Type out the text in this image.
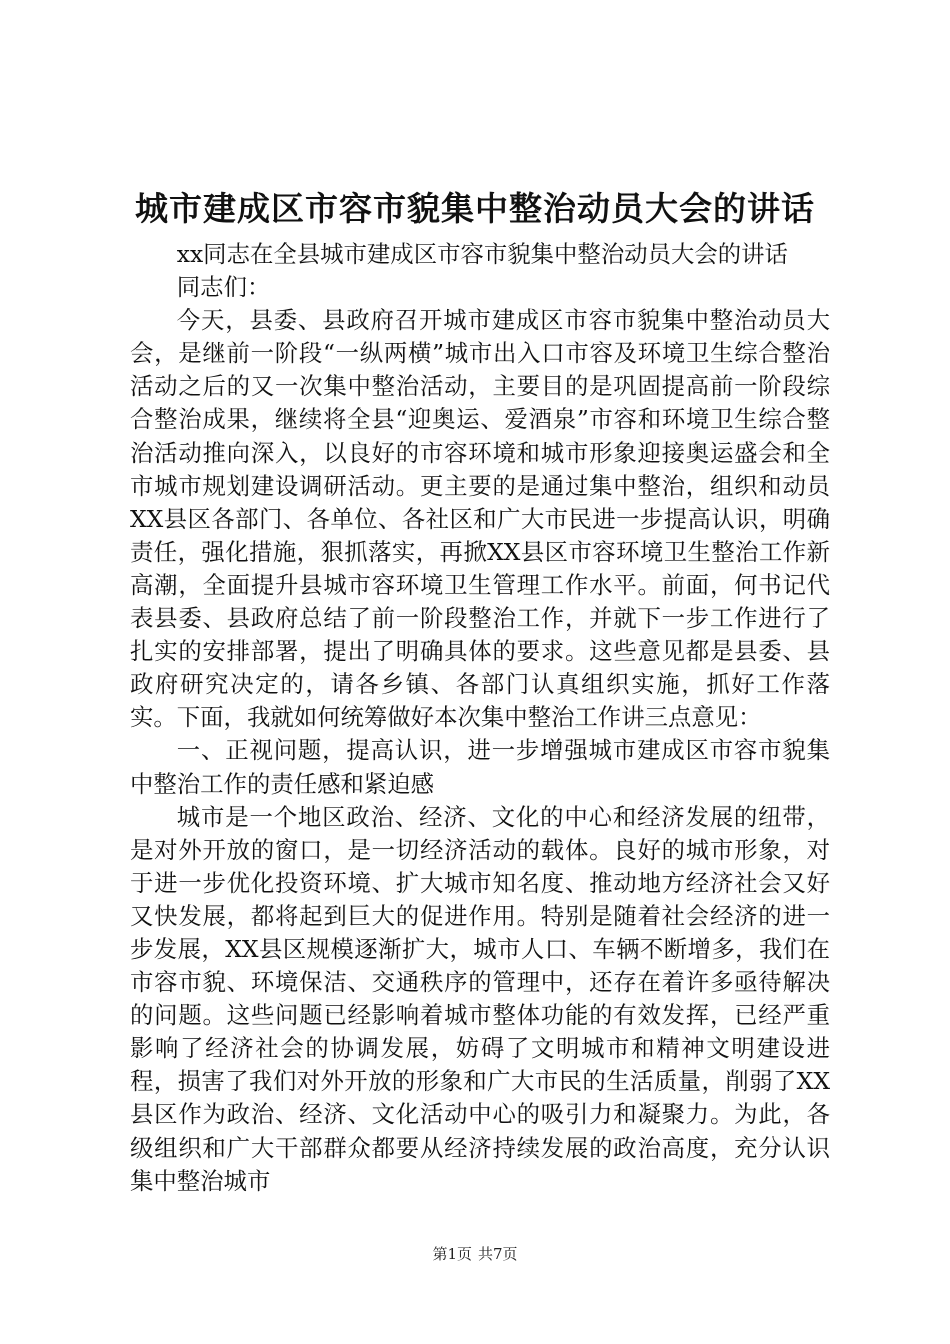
城市建成区市容市貌集中整治动员大会的讲话

xx同志在全县城市建成区市容市貌集中整治动员大会的讲话

同志们：

今天，县委、县政府召开城市建成区市容市貌集中整治动员大会，是继前一阶段“一纵两横”城市出入口市容及环境卫生综合整治活动之后的又一次集中整治活动，主要目的是巩固提高前一阶段综合整治成果，继续将全县“迎奥运、爱酒泉”市容和环境卫生综合整治活动推向深入，以良好的市容环境和城市形象迎接奥运盛会和全市城市规划建设调研活动。更主要的是通过集中整治，组织和动员XX县区各部门、各单位、各社区和广大市民进一步提高认识，明确责任，强化措施，狠抓落实，再掀XX县区市容环境卫生整治工作新高潮，全面提升县城市容环境卫生管理工作水平。前面，何书记代表县委、县政府总结了前一阶段整治工作，并就下一步工作进行了扎实的安排部署，提出了明确具体的要求。这些意见都是县委、县政府研究决定的，请各乡镇、各部门认真组织实施，抓好工作落实。下面，我就如何统筹做好本次集中整治工作讲三点意见：

一、正视问题，提高认识，进一步增强城市建成区市容市貌集中整治工作的责任感和紧迫感

城市是一个地区政治、经济、文化的中心和经济发展的纽带，是对外开放的窗口，是一切经济活动的载体。良好的城市形象，对于进一步优化投资环境、扩大城市知名度、推动地方经济社会又好又快发展，都将起到巨大的促进作用。特别是随着社会经济的进一步发展，XX县区规模逐渐扩大，城市人口、车辆不断增多，我们在市容市貌、环境保洁、交通秩序的管理中，还存在着许多亟待解决的问题。这些问题已经影响着城市整体功能的有效发挥，已经严重影响了经济社会的协调发展，妨碍了文明城市和精神文明建设进程，损害了我们对外开放的形象和广大市民的生活质量，削弱了XX县区作为政治、经济、文化活动中心的吸引力和凝聚力。为此，各级组织和广大干部群众都要从经济持续发展的政治高度，充分认识集中整治城市

第1页 共7页
